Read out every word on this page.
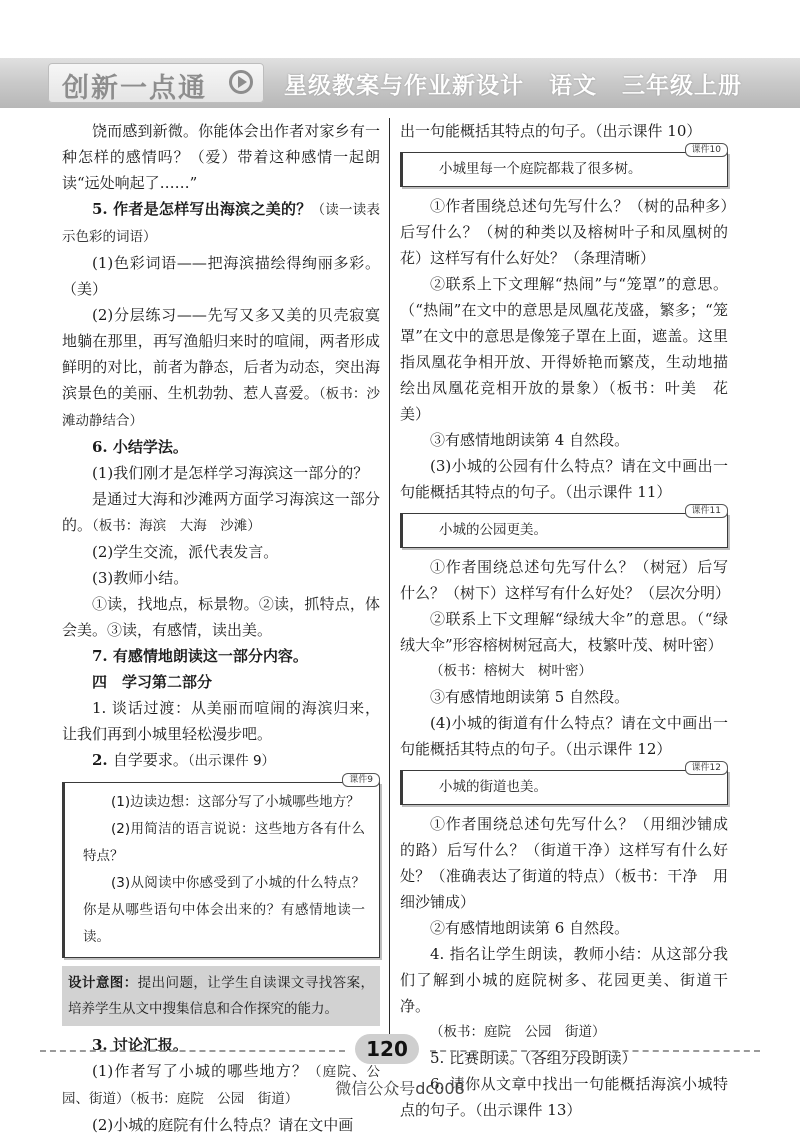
创新一点通	星级教案与作业新设计 语文 三年级上册

饶而感到新微。你能体会出作者对家乡有一种怎样的感情吗？（爱）带着这种感情一起朗读“远处响起了……”

5. 作者是怎样写出海滨之美的？（读一读表示色彩的词语）

(1)色彩词语——把海滨描绘得绚丽多彩。（美）

(2)分层练习——先写又多又美的贝壳寂寞地躺在那里，再写渔船归来时的喧闹，两者形成鲜明的对比，前者为静态，后者为动态，突出海滨景色的美丽、生机勃勃、惹人喜爱。（板书：沙滩动静结合）

6. 小结学法。

(1)我们刚才是怎样学习海滨这一部分的？

是通过大海和沙滩两方面学习海滨这一部分的。（板书：海滨　大海　沙滩）

(2)学生交流，派代表发言。

(3)教师小结。

①读，找地点，标景物。②读，抓特点，体会美。③读，有感情，读出美。

7. 有感情地朗读这一部分内容。

四　学习第二部分

1. 谈话过渡：从美丽而喧闹的海滨归来，让我们再到小城里轻松漫步吧。

2. 自学要求。（出示课件 9）

课件9

(1)边读边想：这部分写了小城哪些地方？

(2)用简洁的语言说说：这些地方各有什么特点？

(3)从阅读中你感受到了小城的什么特点？你是从哪些语句中体会出来的？有感情地读一读。

设计意图：提出问题，让学生自读课文寻找答案，培养学生从文中搜集信息和合作探究的能力。

3. 讨论汇报。

(1)作者写了小城的哪些地方？（庭院、公园、街道）（板书：庭院　公园　街道）

(2)小城的庭院有什么特点？请在文中画

出一句能概括其特点的句子。（出示课件 10）

课件10
小城里每一个庭院都栽了很多树。

①作者围绕总述句先写什么？（树的品种多）后写什么？（树的种类以及榕树叶子和凤凰树的花）这样写有什么好处？（条理清晰）

②联系上下文理解“热闹”与“笼罩”的意思。（“热闹”在文中的意思是凤凰花茂盛，繁多；“笼罩”在文中的意思是像笼子罩在上面，遮盖。这里指凤凰花争相开放、开得娇艳而繁茂，生动地描绘出凤凰花竞相开放的景象）（板书：叶美　花美）

③有感情地朗读第 4 自然段。

(3)小城的公园有什么特点？请在文中画出一句能概括其特点的句子。（出示课件 11）

课件11
小城的公园更美。

①作者围绕总述句先写什么？（树冠）后写什么？（树下）这样写有什么好处？（层次分明）

②联系上下文理解“绿绒大伞”的意思。（“绿绒大伞”形容榕树树冠高大，枝繁叶茂、树叶密）

（板书：榕树大　树叶密）

③有感情地朗读第 5 自然段。

(4)小城的街道有什么特点？请在文中画出一句能概括其特点的句子。（出示课件 12）

课件12
小城的街道也美。

①作者围绕总述句先写什么？（用细沙铺成的路）后写什么？（街道干净）这样写有什么好处？（准确表达了街道的特点）（板书：干净　用细沙铺成）

②有感情地朗读第 6 自然段。

4. 指名让学生朗读，教师小结：从这部分我们了解到小城的庭院树多、花园更美、街道干净。

（板书：庭院　公园　街道）

5. 比赛朗读。（各组分段朗读）

6. 请你从文章中找出一句能概括海滨小城特点的句子。（出示课件 13）

120
微信公众号dc008
